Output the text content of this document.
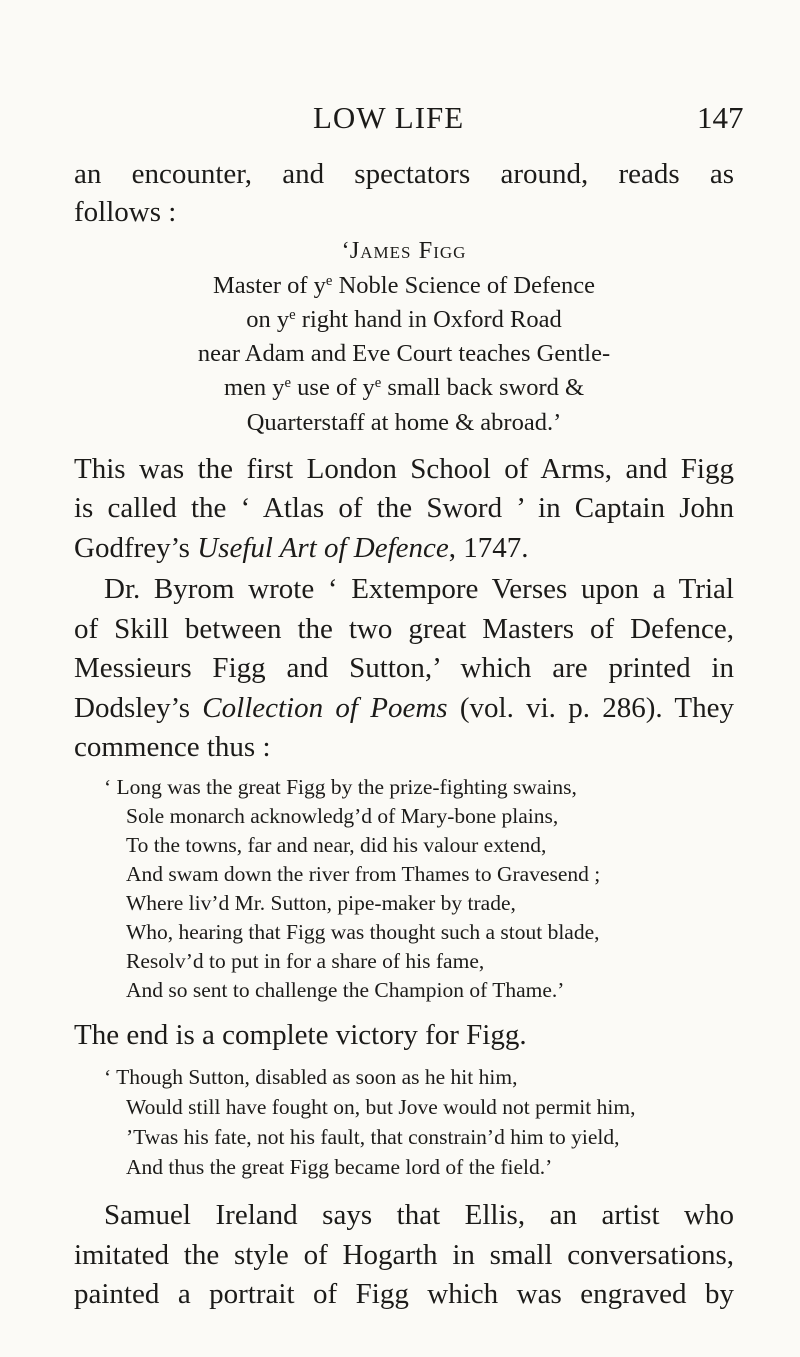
LOW LIFE	147

an encounter, and spectators around, reads as

follows :

‘James Figg
Master of $y^e$ Noble Science of Defence
on $y^e$ right hand in Oxford Road
near Adam and Eve Court teaches Gentle-
men $y^e$ use of $y^e$ small back sword &
Quarterstaff at home & abroad.’

This was the first London School of Arms, and Figg

is called the ‘ Atlas of the Sword ’ in Captain John

Godfrey’s Useful Art of Defence, 1747.

Dr. Byrom wrote ‘ Extempore Verses upon a Trial

of Skill between the two great Masters of Defence,

Messieurs Figg and Sutton,’ which are printed in

Dodsley’s Collection of Poems (vol. vi. p. 286). They

commence thus :

‘ Long was the great Figg by the prize-fighting swains,
Sole monarch acknowledg’d of Mary-bone plains,
To the towns, far and near, did his valour extend,
And swam down the river from Thames to Gravesend ;
Where liv’d Mr. Sutton, pipe-maker by trade,
Who, hearing that Figg was thought such a stout blade,
Resolv’d to put in for a share of his fame,
And so sent to challenge the Champion of Thame.’

The end is a complete victory for Figg.

‘ Though Sutton, disabled as soon as he hit him,
Would still have fought on, but Jove would not permit him,
’Twas his fate, not his fault, that constrain’d him to yield,
And thus the great Figg became lord of the field.’

Samuel Ireland says that Ellis, an artist who

imitated the style of Hogarth in small conversations,

painted a portrait of Figg which was engraved by
